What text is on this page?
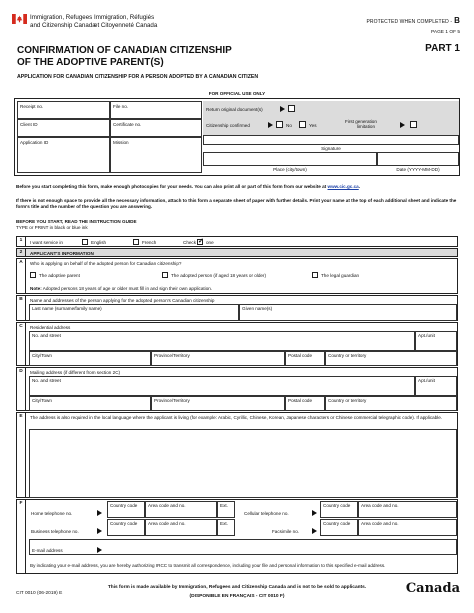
Immigration, Refugees
and Citizenship Canada
Immigration, Réfugiés
et Citoyenneté Canada	PROTECTED WHEN COMPLETED - B
PAGE 1 OF 5
PART 1
CONFIRMATION OF CANADIAN CITIZENSHIP
OF THE ADOPTIVE PARENT(S)
APPLICATION FOR CANADIAN CITIZENSHIP FOR A PERSON ADOPTED BY A CANADIAN CITIZEN
FOR OFFICIAL USE ONLY
Receipt no.	File no.
Client ID	Certificate no.
Application ID	Mission
Return original document(s)
Citizenship confirmed	No	Yes
First generation
limitation
Signature
Place (city/town)	Date (YYYY-MM-DD)
Before you start completing this form, make enough photocopies for your needs. You can also print all or part of this form from our website at www.cic.gc.ca.
If there is not enough space to provide all the necessary information, attach to this form a separate sheet of paper with further details. Print your name at the top of each additional sheet and indicate the form's title and the number of the question you are answering.
BEFORE YOU START, READ THE INSTRUCTION GUIDE
TYPE or PRINT in black or blue ink
1	I want service in	English	French	Check
✓ one
2	APPLICANT'S INFORMATION
A	Who is applying on behalf of the adopted person for Canadian citizenship?
The adoptive parent	The adopted person (if aged 18 years or older)	The legal guardian
Note: Adopted persons 18 years of age or older must fill in and sign their own application.
B	Name and addresses of the person applying for the adopted person's Canadian citizenship
Last name (surname/family name)	Given name(s)
C	Residential address
No. and street	Apt./unit
City/Town	Province/Territory	Postal code	Country or territory
D	Mailing address (if different from section 2C)
No. and street	Apt./unit
City/Town	Province/Territory	Postal code	Country or territory
E	The address is also required in the local language where the applicant is living (for example: Arabic, Cyrillic, Chinese, Korean, Japanese characters or Chinese commercial telegraphic code). If applicable.
F
Home telephone no.
Country code	Area code and no.	Ext.
Cellular telephone no.
Country code	Area code and no.
Business telephone no.
Country code	Area code and no.	Ext.
Facsimile no.
Country code	Area code and no.
E-mail address
By indicating your e-mail address, you are hereby authorizing IRCC to transmit all correspondence, including your file and personal information to this specified e-mail address.
This form is made available by Immigration, Refugees and Citizenship Canada and is not to be sold to applicants.
CIT 0010 (06-2019) E
(DISPONIBLE EN FRANÇAIS - CIT 0010 F)
Canada
